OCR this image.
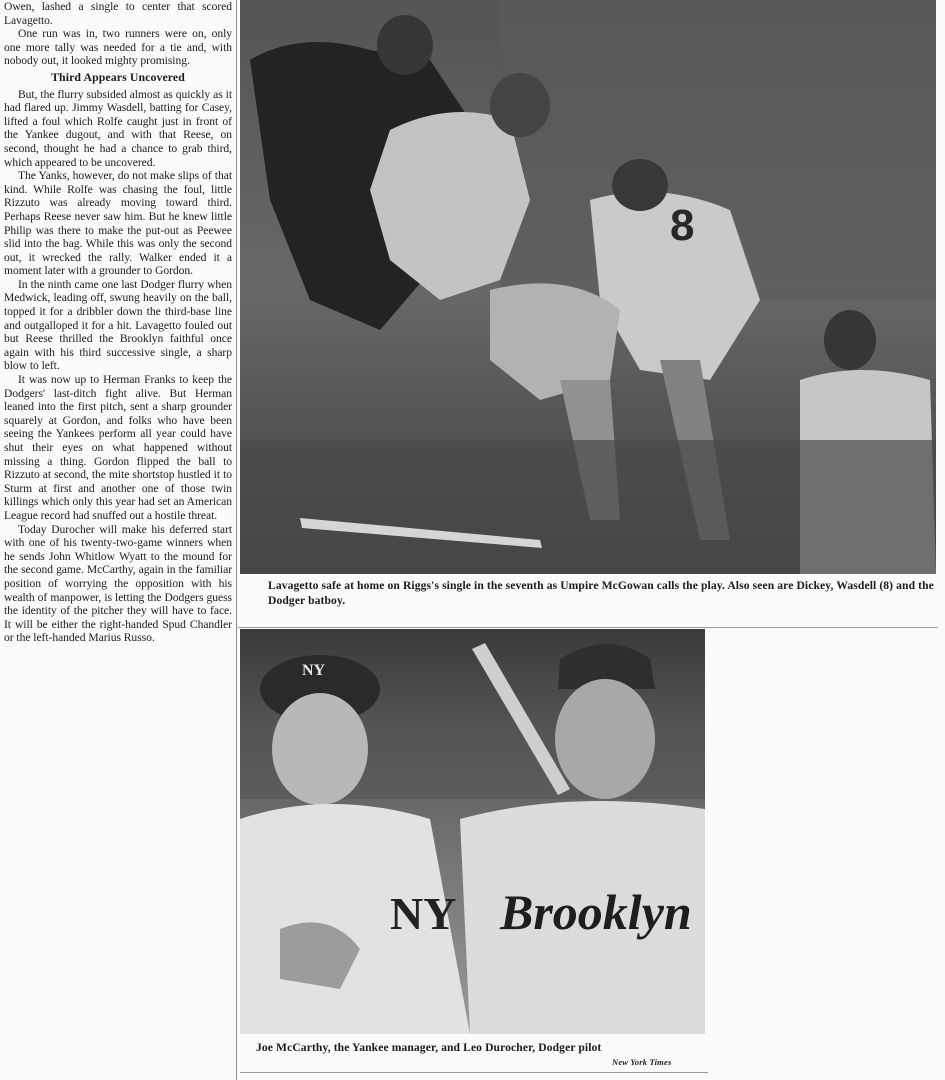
Owen, lashed a single to center that scored Lavagetto.

One run was in, two runners were on, only one more tally was needed for a tie and, with nobody out, it looked mighty promising.

Third Appears Uncovered

But, the flurry subsided almost as quickly as it had flared up. Jimmy Wasdell, batting for Casey, lifted a foul which Rolfe caught just in front of the Yankee dugout, and with that Reese, on second, thought he had a chance to grab third, which appeared to be uncovered.

The Yanks, however, do not make slips of that kind. While Rolfe was chasing the foul, little Rizzuto was already moving toward third. Perhaps Reese never saw him. But he knew little Philip was there to make the put-out as Peewee slid into the bag. While this was only the second out, it wrecked the rally. Walker ended it a moment later with a grounder to Gordon.

In the ninth came one last Dodger flurry when Medwick, leading off, swung heavily on the ball, topped it for a dribbler down the third-base line and outgalloped it for a hit. Lavagetto fouled out but Reese thrilled the Brooklyn faithful once again with his third successive single, a sharp blow to left.

It was now up to Herman Franks to keep the Dodgers' last-ditch fight alive. But Herman leaned into the first pitch, sent a sharp grounder squarely at Gordon, and folks who have been seeing the Yankees perform all year could have shut their eyes on what happened without missing a thing. Gordon flipped the ball to Rizzuto at second, the mite shortstop hustled it to Sturm at first and another one of those twin killings which only this year had set an American League record had snuffed out a hostile threat.

Today Durocher will make his deferred start with one of his twenty-two-game winners when he sends John Whitlow Wyatt to the mound for the second game. McCarthy, again in the familiar position of worrying the opposition with his wealth of manpower, is letting the Dodgers guess the identity of the pitcher they will have to face. It will be either the right-handed Spud Chandler or the left-handed Marius Russo.

8
Lavagetto safe at home on Riggs's single in the seventh as Umpire McGowan calls the play. Also seen are Dickey, Wasdell (8) and the Dodger batboy.
NY
NY Brooklyn
Joe McCarthy, the Yankee manager, and Leo Durocher, Dodger pilot
New York Times
